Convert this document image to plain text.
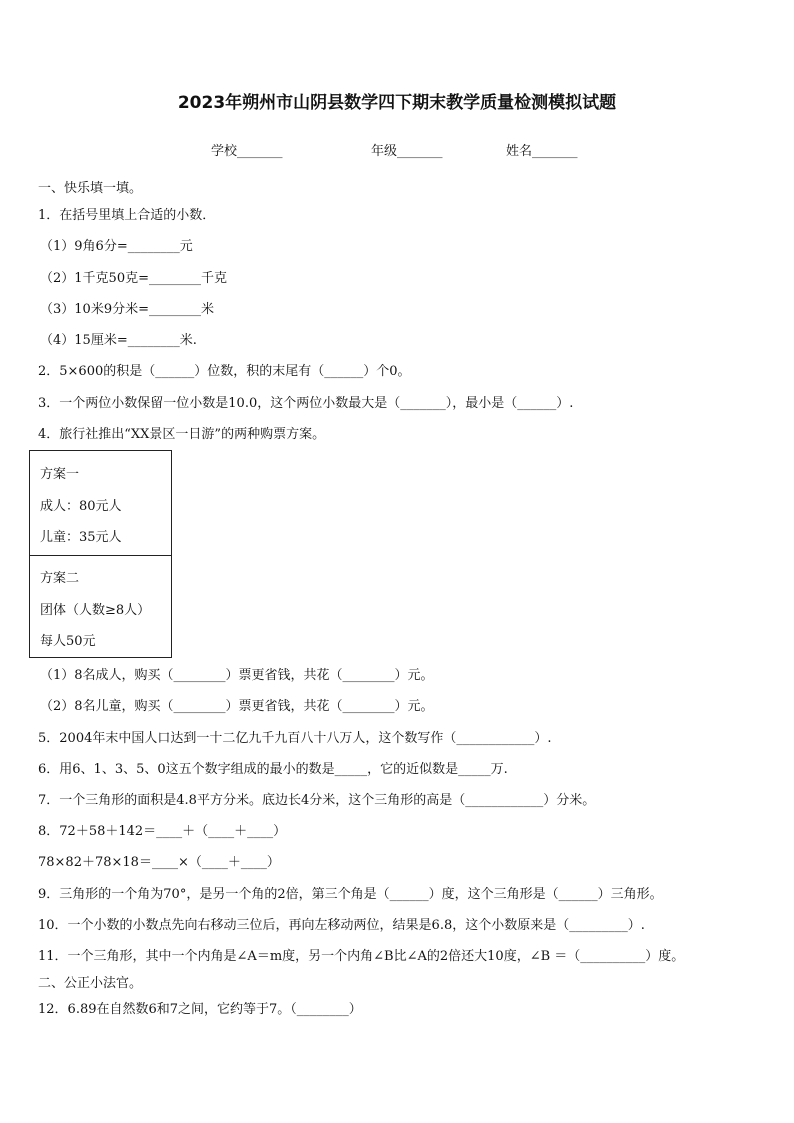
2023年朔州市山阴县数学四下期末教学质量检测模拟试题
学校_______	年级_______	姓名_______
一、快乐填一填。
1．在括号里填上合适的小数．
（1）9角6分=________元
（2）1千克50克=________千克
（3）10米9分米=________米
（4）15厘米=________米.
2．5×600的积是（______）位数，积的末尾有（______）个0。
3．一个两位小数保留一位小数是10.0，这个两位小数最大是（_______），最小是（______）.
4．旅行社推出“XX景区一日游”的两种购票方案。
方案一
成人：80元人
儿童：35元人
方案二
团体（人数≥8人）
每人50元
（1）8名成人，购买（________）票更省钱，共花（________）元。
（2）8名儿童，购买（________）票更省钱，共花（________）元。
5．2004年末中国人口达到一十二亿九千九百八十八万人，这个数写作（____________）.
6．用6、1、3、5、0这五个数字组成的最小的数是_____，它的近似数是_____万.
7．一个三角形的面积是4.8平方分米。底边长4分米，这个三角形的高是（____________）分米。
8．72＋58＋142＝____＋（____＋____）
78×82＋78×18＝____×（____＋____）
9．三角形的一个角为70°，是另一个角的2倍，第三个角是（______）度，这个三角形是（______）三角形。
10．一个小数的小数点先向右移动三位后，再向左移动两位，结果是6.8，这个小数原来是（_________）.
11．一个三角形，其中一个内角是∠A＝m度，另一个内角∠B比∠A的2倍还大10度，∠B ＝（__________）度。
二、公正小法官。
12．6.89在自然数6和7之间，它约等于7。（________）
